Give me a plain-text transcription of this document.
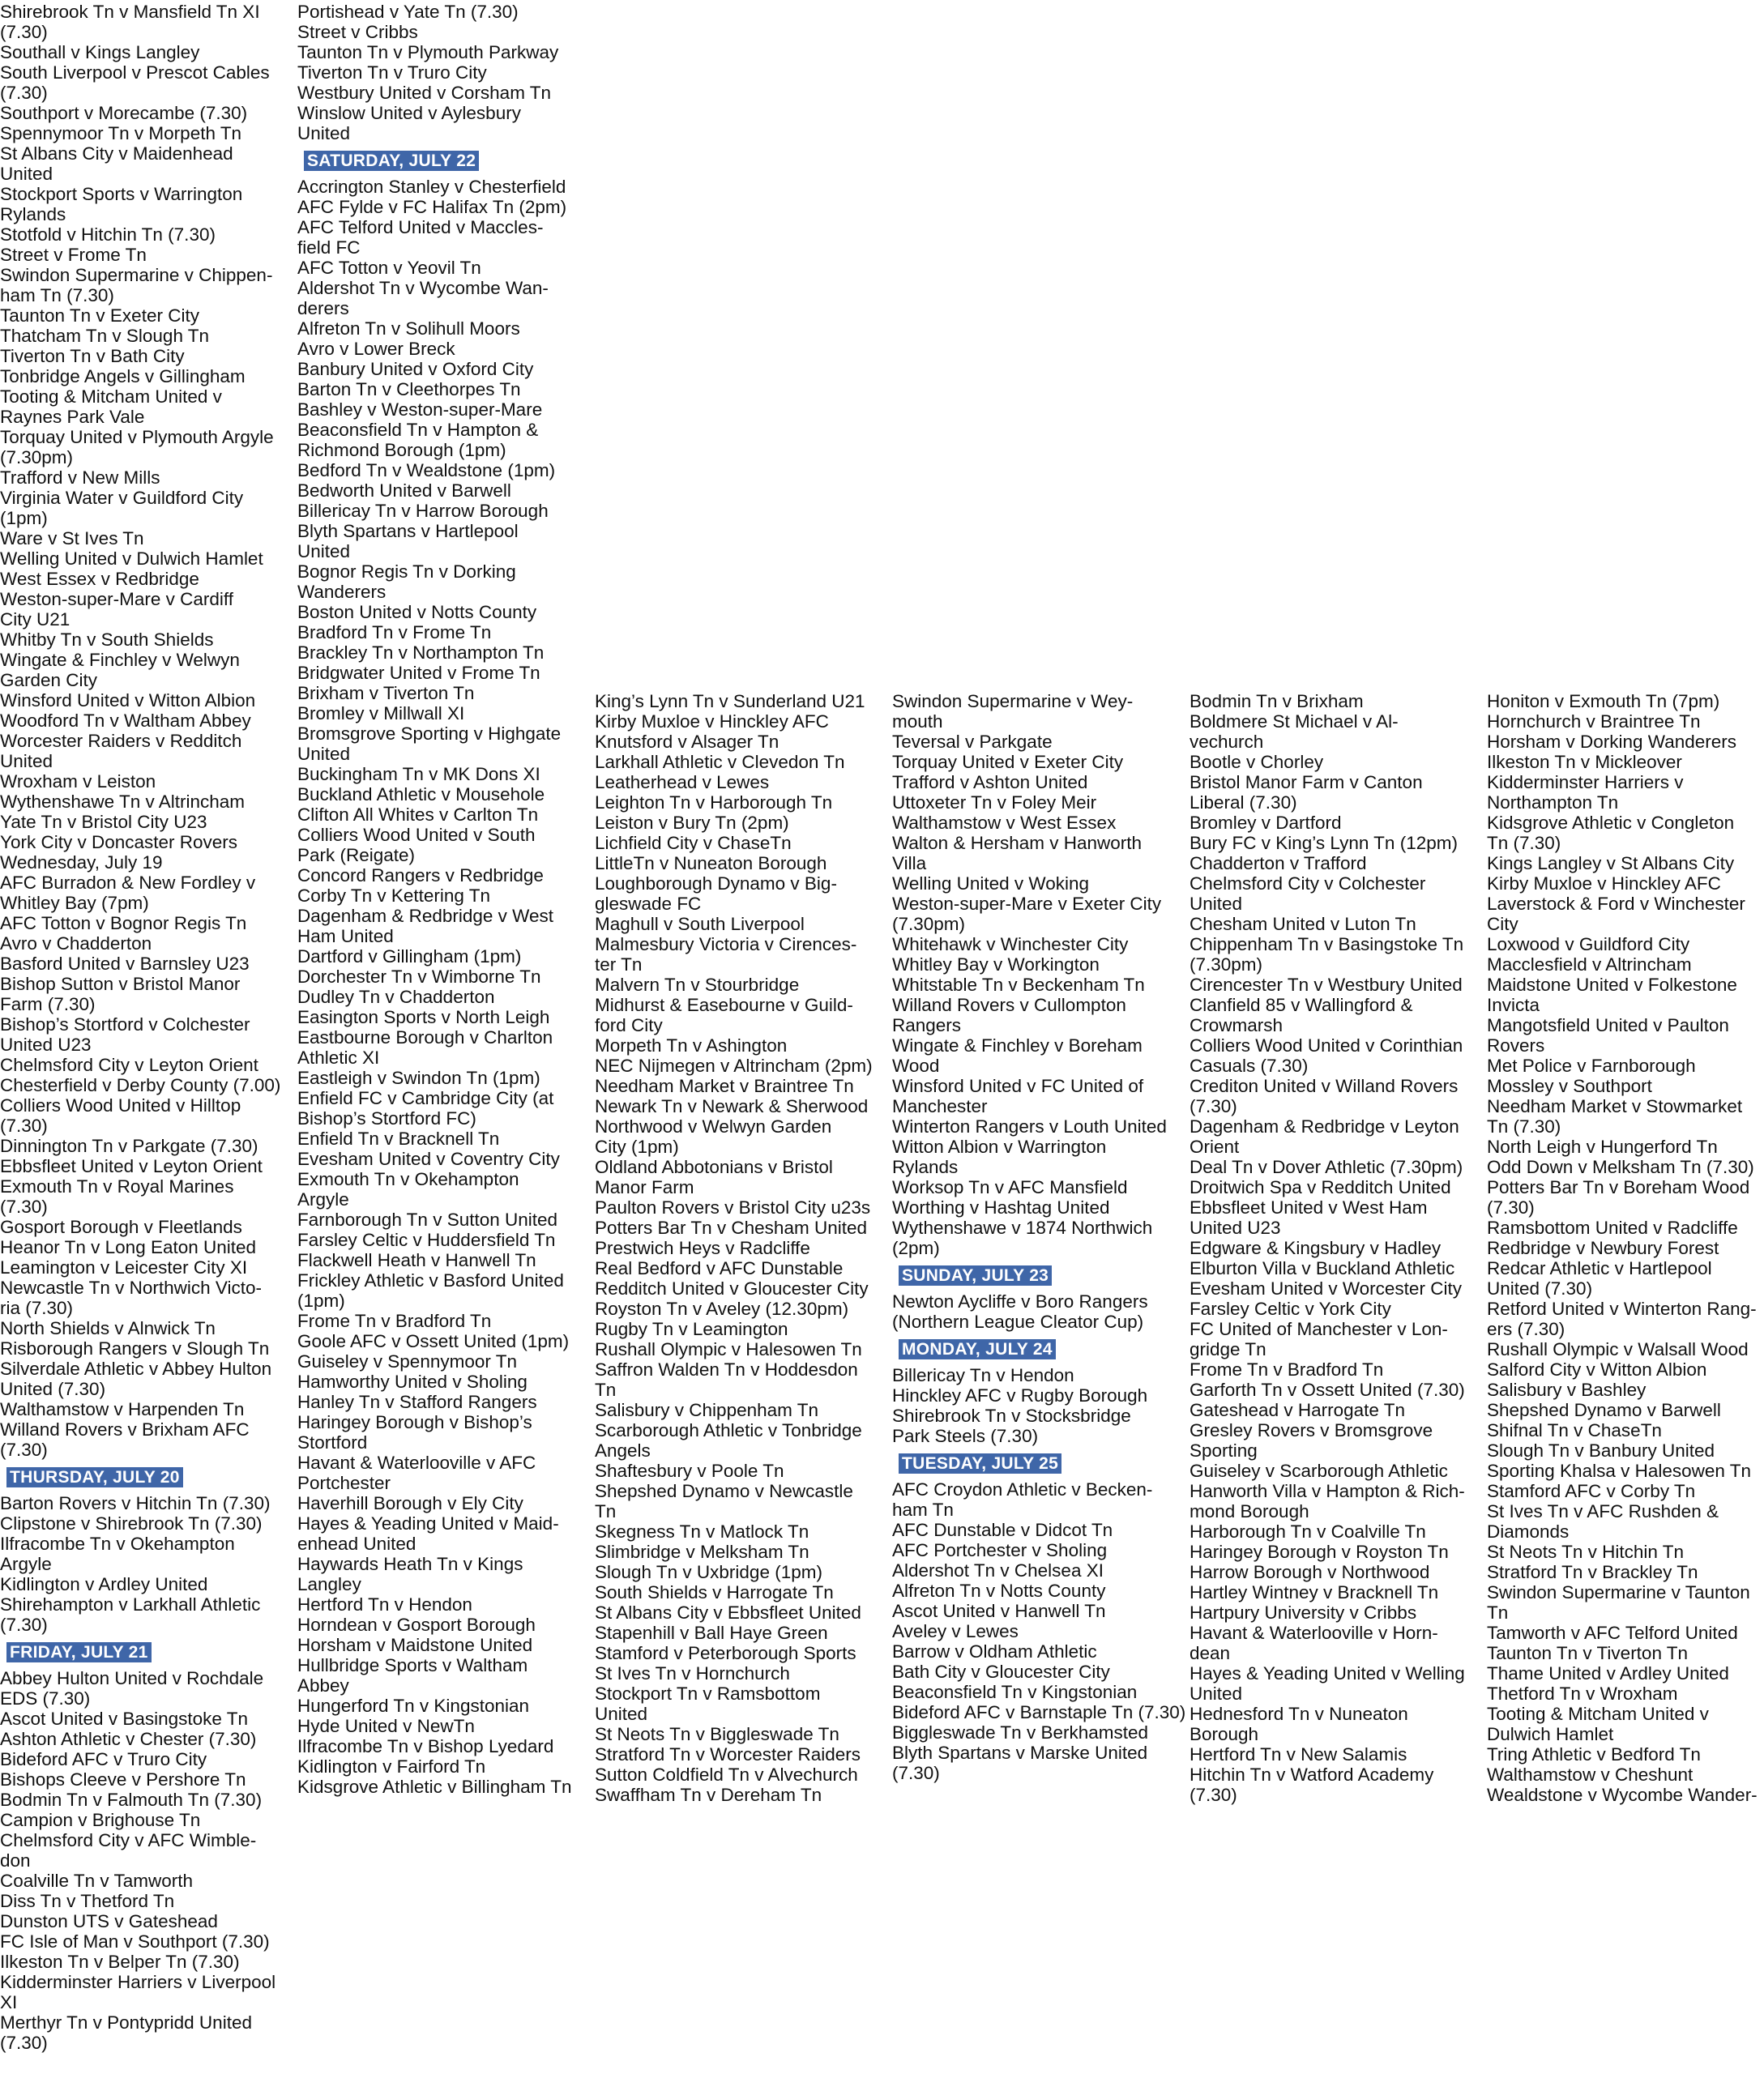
Shirebrook Tn v Mansfield Tn XI
(7.30)
Southall v Kings Langley
South Liverpool v Prescot Cables
(7.30)
Southport v Morecambe (7.30)
Spennymoor Tn v Morpeth Tn
St Albans City v Maidenhead
United
Stockport Sports v Warrington
Rylands
Stotfold v Hitchin Tn (7.30)
Street v Frome Tn
Swindon Supermarine v Chippen-
ham Tn (7.30)
Taunton Tn v Exeter City
Thatcham Tn v Slough Tn
Tiverton Tn v Bath City
Tonbridge Angels v Gillingham
Tooting & Mitcham United v
Raynes Park Vale
Torquay United v Plymouth Argyle
(7.30pm)
Trafford v New Mills
Virginia Water v Guildford City
(1pm)
Ware v St Ives Tn
Welling United v Dulwich Hamlet
West Essex v Redbridge
Weston-super-Mare v Cardiff
City U21
Whitby Tn v South Shields
Wingate & Finchley v Welwyn
Garden City
Winsford United v Witton Albion
Woodford Tn v Waltham Abbey
Worcester Raiders v Redditch
United
Wroxham v Leiston
Wythenshawe Tn v Altrincham
Yate Tn v Bristol City U23
York City v Doncaster Rovers
Wednesday, July 19
AFC Burradon & New Fordley v
Whitley Bay (7pm)
AFC Totton v Bognor Regis Tn
Avro v Chadderton
Basford United v Barnsley U23
Bishop Sutton v Bristol Manor
Farm (7.30)
Bishop’s Stortford v Colchester
United U23
Chelmsford City v Leyton Orient
Chesterfield v Derby County (7.00)
Colliers Wood United v Hilltop
(7.30)
Dinnington Tn v Parkgate (7.30)
Ebbsfleet United v Leyton Orient
Exmouth Tn v Royal Marines
(7.30)
Gosport Borough v Fleetlands
Heanor Tn v Long Eaton United
Leamington v Leicester City XI
Newcastle Tn v Northwich Victo-
ria (7.30)
North Shields v Alnwick Tn
Risborough Rangers v Slough Tn
Silverdale Athletic v Abbey Hulton
United (7.30)
Walthamstow v Harpenden Tn
Willand Rovers v Brixham AFC
(7.30)
THURSDAY, JULY 20
Barton Rovers v Hitchin Tn (7.30)
Clipstone v Shirebrook Tn (7.30)
Ilfracombe Tn v Okehampton
Argyle
Kidlington v Ardley United
Shirehampton v Larkhall Athletic
(7.30)
FRIDAY, JULY 21
Abbey Hulton United v Rochdale
EDS (7.30)
Ascot United v Basingstoke Tn
Ashton Athletic v Chester (7.30)
Bideford AFC v Truro City
Bishops Cleeve v Pershore Tn
Bodmin Tn v Falmouth Tn (7.30)
Campion v Brighouse Tn
Chelmsford City v AFC Wimble-
don
Coalville Tn v Tamworth
Diss Tn v Thetford Tn
Dunston UTS v Gateshead
FC Isle of Man v Southport (7.30)
Ilkeston Tn v Belper Tn (7.30)
Kidderminster Harriers v Liverpool
XI
Merthyr Tn v Pontypridd United
(7.30)
Portishead v Yate Tn (7.30)
Street v Cribbs
Taunton Tn v Plymouth Parkway
Tiverton Tn v Truro City
Westbury United v Corsham Tn
Winslow United v Aylesbury
United
SATURDAY, JULY 22
Accrington Stanley v Chesterfield
AFC Fylde v FC Halifax Tn (2pm)
AFC Telford United v Maccles-
field FC
AFC Totton v Yeovil Tn
Aldershot Tn v Wycombe Wan-
derers
Alfreton Tn v Solihull Moors
Avro v Lower Breck
Banbury United v Oxford City
Barton Tn v Cleethorpes Tn
Bashley v Weston-super-Mare
Beaconsfield Tn v Hampton &
Richmond Borough (1pm)
Bedford Tn v Wealdstone (1pm)
Bedworth United v Barwell
Billericay Tn v Harrow Borough
Blyth Spartans v Hartlepool
United
Bognor Regis Tn v Dorking
Wanderers
Boston United v Notts County
Bradford Tn v Frome Tn
Brackley Tn v Northampton Tn
Bridgwater United v Frome Tn
Brixham v Tiverton Tn
Bromley v Millwall XI
Bromsgrove Sporting v Highgate
United
Buckingham Tn v MK Dons XI
Buckland Athletic v Mousehole
Clifton All Whites v Carlton Tn
Colliers Wood United v South
Park (Reigate)
Concord Rangers v Redbridge
Corby Tn v Kettering Tn
Dagenham & Redbridge v West
Ham United
Dartford v Gillingham (1pm)
Dorchester Tn v Wimborne Tn
Dudley Tn v Chadderton
Easington Sports v North Leigh
Eastbourne Borough v Charlton
Athletic XI
Eastleigh v Swindon Tn (1pm)
Enfield FC v Cambridge City (at
Bishop’s Stortford FC)
Enfield Tn v Bracknell Tn
Evesham United v Coventry City
Exmouth Tn v Okehampton
Argyle
Farnborough Tn v Sutton United
Farsley Celtic v Huddersfield Tn
Flackwell Heath v Hanwell Tn
Frickley Athletic v Basford United
(1pm)
Frome Tn v Bradford Tn
Goole AFC v Ossett United (1pm)
Guiseley v Spennymoor Tn
Hamworthy United v Sholing
Hanley Tn v Stafford Rangers
Haringey Borough v Bishop’s
Stortford
Havant & Waterlooville v AFC
Portchester
Haverhill Borough v Ely City
Hayes & Yeading United v Maid-
enhead United
Haywards Heath Tn v Kings
Langley
Hertford Tn v Hendon
Horndean v Gosport Borough
Horsham v Maidstone United
Hullbridge Sports v Waltham
Abbey
Hungerford Tn v Kingstonian
Hyde United v NewTn
Ilfracombe Tn v Bishop Lyedard
Kidlington v Fairford Tn
Kidsgrove Athletic v Billingham Tn
King’s Lynn Tn v Sunderland U21
Kirby Muxloe v Hinckley AFC
Knutsford v Alsager Tn
Larkhall Athletic v Clevedon Tn
Leatherhead v Lewes
Leighton Tn v Harborough Tn
Leiston v Bury Tn (2pm)
Lichfield City v ChaseTn
LittleTn v Nuneaton Borough
Loughborough Dynamo v Big-
gleswade FC
Maghull v South Liverpool
Malmesbury Victoria v Cirences-
ter Tn
Malvern Tn v Stourbridge
Midhurst & Easebourne v Guild-
ford City
Morpeth Tn v Ashington
NEC Nijmegen v Altrincham (2pm)
Needham Market v Braintree Tn
Newark Tn v Newark & Sherwood
Northwood v Welwyn Garden
City (1pm)
Oldland Abbotonians v Bristol
Manor Farm
Paulton Rovers v Bristol City u23s
Potters Bar Tn v Chesham United
Prestwich Heys v Radcliffe
Real Bedford v AFC Dunstable
Redditch United v Gloucester City
Royston Tn v Aveley (12.30pm)
Rugby Tn v Leamington
Rushall Olympic v Halesowen Tn
Saffron Walden Tn v Hoddesdon
Tn
Salisbury v Chippenham Tn
Scarborough Athletic v Tonbridge
Angels
Shaftesbury v Poole Tn
Shepshed Dynamo v Newcastle
Tn
Skegness Tn v Matlock Tn
Slimbridge v Melksham Tn
Slough Tn v Uxbridge (1pm)
South Shields v Harrogate Tn
St Albans City v Ebbsfleet United
Stapenhill v Ball Haye Green
Stamford v Peterborough Sports
St Ives Tn v Hornchurch
Stockport Tn v Ramsbottom
United
St Neots Tn v Biggleswade Tn
Stratford Tn v Worcester Raiders
Sutton Coldfield Tn v Alvechurch
Swaffham Tn v Dereham Tn
Swindon Supermarine v Wey-
mouth
Teversal v Parkgate
Torquay United v Exeter City
Trafford v Ashton United
Uttoxeter Tn v Foley Meir
Walthamstow v West Essex
Walton & Hersham v Hanworth
Villa
Welling United v Woking
Weston-super-Mare v Exeter City
(7.30pm)
Whitehawk v Winchester City
Whitley Bay v Workington
Whitstable Tn v Beckenham Tn
Willand Rovers v Cullompton
Rangers
Wingate & Finchley v Boreham
Wood
Winsford United v FC United of
Manchester
Winterton Rangers v Louth United
Witton Albion v Warrington
Rylands
Worksop Tn v AFC Mansfield
Worthing v Hashtag United
Wythenshawe v 1874 Northwich
(2pm)
SUNDAY, JULY 23
Newton Aycliffe v Boro Rangers
(Northern League Cleator Cup)
MONDAY, JULY 24
Billericay Tn v Hendon
Hinckley AFC v Rugby Borough
Shirebrook Tn v Stocksbridge
Park Steels (7.30)
TUESDAY, JULY 25
AFC Croydon Athletic v Becken-
ham Tn
AFC Dunstable v Didcot Tn
AFC Portchester v Sholing
Aldershot Tn v Chelsea XI
Alfreton Tn v Notts County
Ascot United v Hanwell Tn
Aveley v Lewes
Barrow v Oldham Athletic
Bath City v Gloucester City
Beaconsfield Tn v Kingstonian
Bideford AFC v Barnstaple Tn (7.30)
Biggleswade Tn v Berkhamsted
Blyth Spartans v Marske United
(7.30)
Bodmin Tn v Brixham
Boldmere St Michael v Al-
vechurch
Bootle v Chorley
Bristol Manor Farm v Canton
Liberal (7.30)
Bromley v Dartford
Bury FC v King’s Lynn Tn (12pm)
Chadderton v Trafford
Chelmsford City v Colchester
United
Chesham United v Luton Tn
Chippenham Tn v Basingstoke Tn
(7.30pm)
Cirencester Tn v Westbury United
Clanfield 85 v Wallingford &
Crowmarsh
Colliers Wood United v Corinthian
Casuals (7.30)
Crediton United v Willand Rovers
(7.30)
Dagenham & Redbridge v Leyton
Orient
Deal Tn v Dover Athletic (7.30pm)
Droitwich Spa v Redditch United
Ebbsfleet United v West Ham
United U23
Edgware & Kingsbury v Hadley
Elburton Villa v Buckland Athletic
Evesham United v Worcester City
Farsley Celtic v York City
FC United of Manchester v Lon-
gridge Tn
Frome Tn v Bradford Tn
Garforth Tn v Ossett United (7.30)
Gateshead v Harrogate Tn
Gresley Rovers v Bromsgrove
Sporting
Guiseley v Scarborough Athletic
Hanworth Villa v Hampton & Rich-
mond Borough
Harborough Tn v Coalville Tn
Haringey Borough v Royston Tn
Harrow Borough v Northwood
Hartley Wintney v Bracknell Tn
Hartpury University v Cribbs
Havant & Waterlooville v Horn-
dean
Hayes & Yeading United v Welling
United
Hednesford Tn v Nuneaton
Borough
Hertford Tn v New Salamis
Hitchin Tn v Watford Academy
(7.30)
Honiton v Exmouth Tn (7pm)
Hornchurch v Braintree Tn
Horsham v Dorking Wanderers
Ilkeston Tn v Mickleover
Kidderminster Harriers v
Northampton Tn
Kidsgrove Athletic v Congleton
Tn (7.30)
Kings Langley v St Albans City
Kirby Muxloe v Hinckley AFC
Laverstock & Ford v Winchester
City
Loxwood v Guildford City
Macclesfield v Altrincham
Maidstone United v Folkestone
Invicta
Mangotsfield United v Paulton
Rovers
Met Police v Farnborough
Mossley v Southport
Needham Market v Stowmarket
Tn (7.30)
North Leigh v Hungerford Tn
Odd Down v Melksham Tn (7.30)
Potters Bar Tn v Boreham Wood
(7.30)
Ramsbottom United v Radcliffe
Redbridge v Newbury Forest
Redcar Athletic v Hartlepool
United (7.30)
Retford United v Winterton Rang-
ers (7.30)
Rushall Olympic v Walsall Wood
Salford City v Witton Albion
Salisbury v Bashley
Shepshed Dynamo v Barwell
Shifnal Tn v ChaseTn
Slough Tn v Banbury United
Sporting Khalsa v Halesowen Tn
Stamford AFC v Corby Tn
St Ives Tn v AFC Rushden &
Diamonds
St Neots Tn v Hitchin Tn
Stratford Tn v Brackley Tn
Swindon Supermarine v Taunton
Tn
Tamworth v AFC Telford United
Taunton Tn v Tiverton Tn
Thame United v Ardley United
Thetford Tn v Wroxham
Tooting & Mitcham United v
Dulwich Hamlet
Tring Athletic v Bedford Tn
Walthamstow v Cheshunt
Wealdstone v Wycombe Wander-
